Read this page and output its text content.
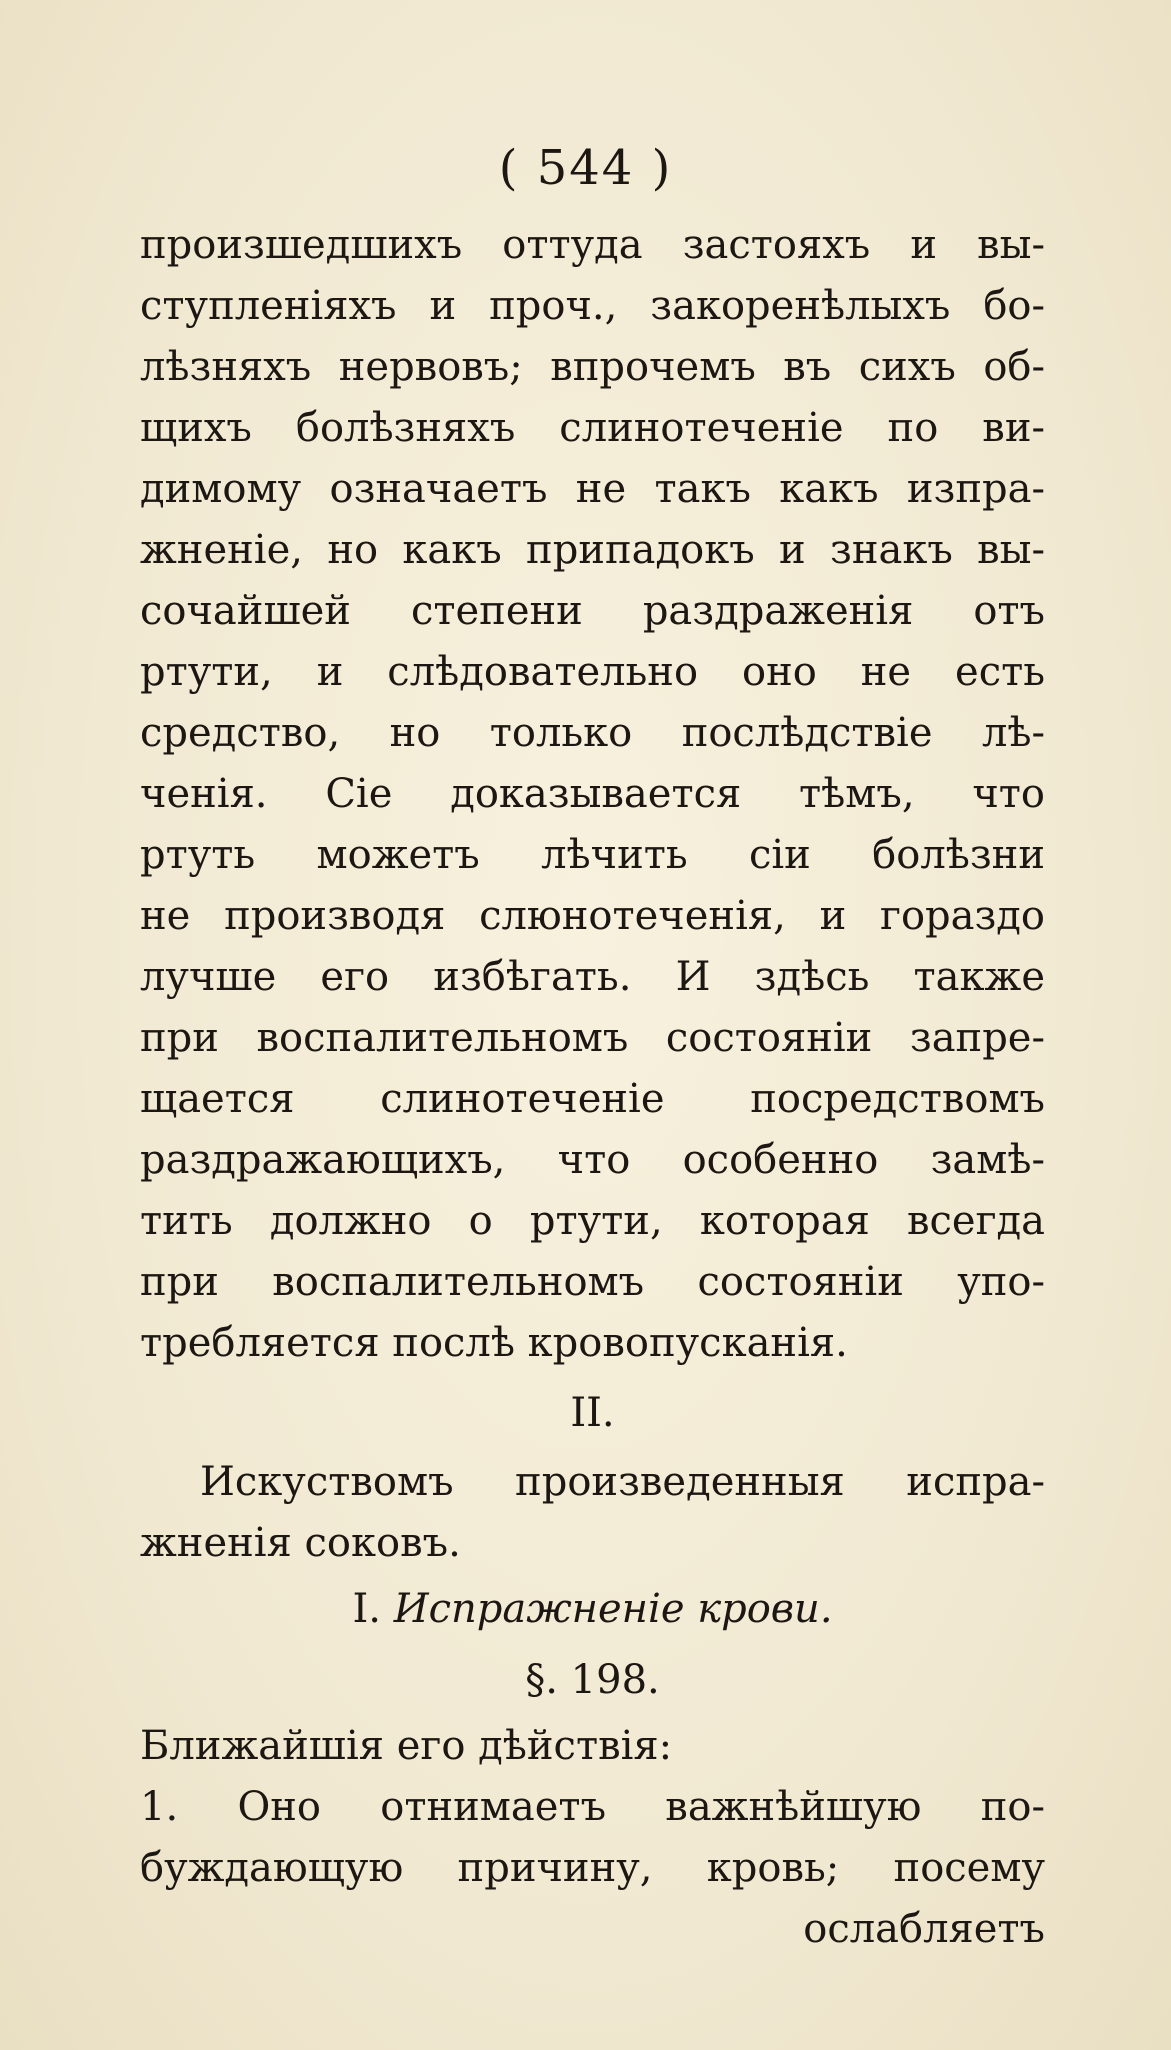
( 544 )
произшедшихъ оттуда застояхъ и вы-
ступленiяхъ и проч., закоренѣлыхъ бо-
лѣзняхъ нервовъ; впрочемъ въ сихъ об-
щихъ болѣзняхъ слинотеченiе по ви-
димому означаетъ не такъ какъ изпра-
жненiе, но какъ припадокъ и знакъ вы-
сочайшей степени раздраженiя отъ
ртути, и слѣдовательно оно не есть
средство, но только послѣдствiе лѣ-
ченiя. Сiе доказывается тѣмъ, что
ртуть можетъ лѣчить сiи болѣзни
не производя слюнотеченiя, и гораздо
лучше его избѣгать. И здѣсь также
при воспалительномъ состоянiи запре-
щается слинотеченiе посредствомъ
раздражающихъ, что особенно замѣ-
тить должно о ртути, которая всегда
при воспалительномъ состоянiи упо-
требляется послѣ кровопусканiя.
II.
Искуствомъ произведенныя испра-
жненiя соковъ.
I. Испражненiе крови.
§. 198.
Ближайшiя его дѣйствiя:
1. Оно отнимаетъ важнѣйшую по-
буждающую причину, кровь; посему
ослабляетъ
